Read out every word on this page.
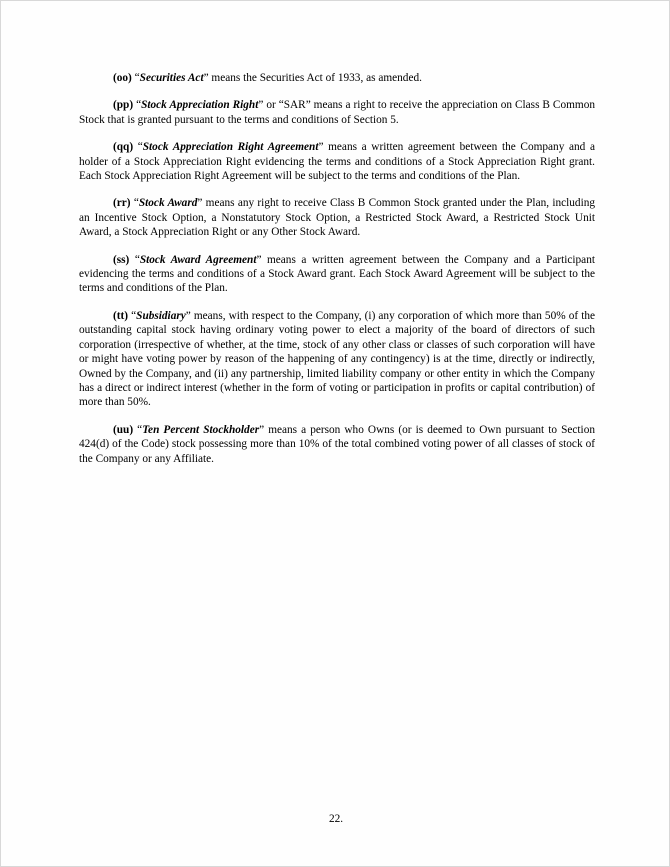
(oo) “Securities Act” means the Securities Act of 1933, as amended.

(pp) “Stock Appreciation Right” or “SAR” means a right to receive the appreciation on Class B Common Stock that is granted pursuant to the terms and conditions of Section 5.

(qq) “Stock Appreciation Right Agreement” means a written agreement between the Company and a holder of a Stock Appreciation Right evidencing the terms and conditions of a Stock Appreciation Right grant. Each Stock Appreciation Right Agreement will be subject to the terms and conditions of the Plan.

(rr) “Stock Award” means any right to receive Class B Common Stock granted under the Plan, including an Incentive Stock Option, a Nonstatutory Stock Option, a Restricted Stock Award, a Restricted Stock Unit Award, a Stock Appreciation Right or any Other Stock Award.

(ss) “Stock Award Agreement” means a written agreement between the Company and a Participant evidencing the terms and conditions of a Stock Award grant. Each Stock Award Agreement will be subject to the terms and conditions of the Plan.

(tt) “Subsidiary” means, with respect to the Company, (i) any corporation of which more than 50% of the outstanding capital stock having ordinary voting power to elect a majority of the board of directors of such corporation (irrespective of whether, at the time, stock of any other class or classes of such corporation will have or might have voting power by reason of the happening of any contingency) is at the time, directly or indirectly, Owned by the Company, and (ii) any partnership, limited liability company or other entity in which the Company has a direct or indirect interest (whether in the form of voting or participation in profits or capital contribution) of more than 50%.

(uu) “Ten Percent Stockholder” means a person who Owns (or is deemed to Own pursuant to Section 424(d) of the Code) stock possessing more than 10% of the total combined voting power of all classes of stock of the Company or any Affiliate.

22.
